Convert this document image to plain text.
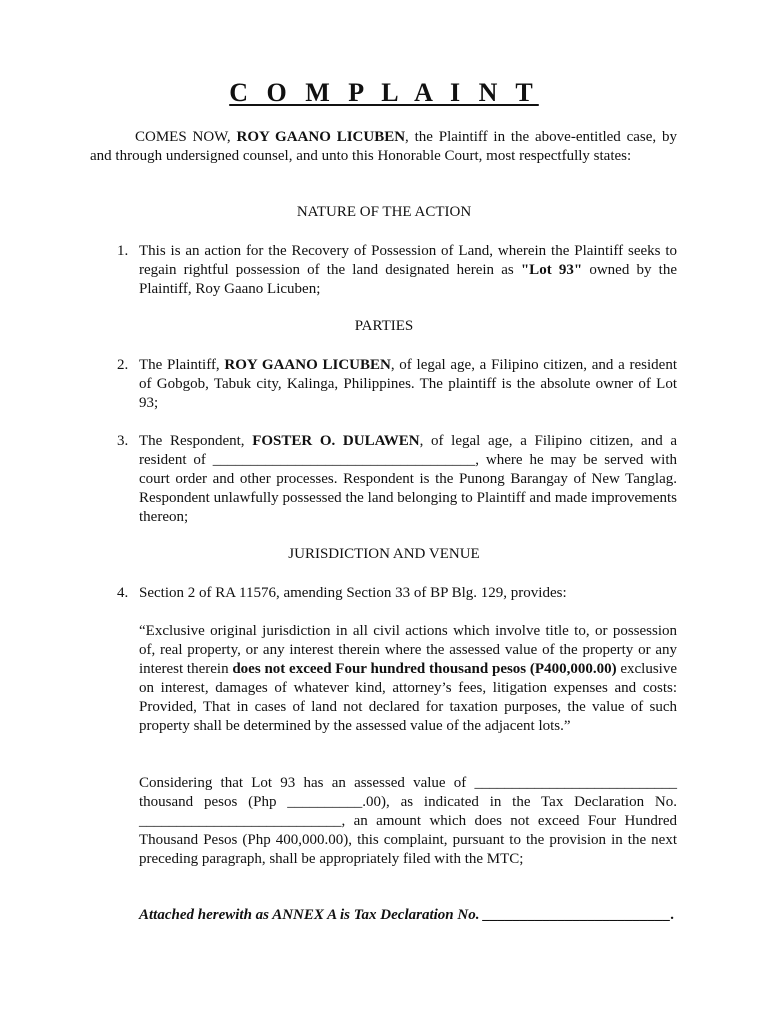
C O M P L A I N T

COMES NOW, ROY GAANO LICUBEN, the Plaintiff in the above-entitled case, by and through undersigned counsel, and unto this Honorable Court, most respectfully states:

NATURE OF THE ACTION
1. This is an action for the Recovery of Possession of Land, wherein the Plaintiff seeks to regain rightful possession of the land designated herein as "Lot 93" owned by the Plaintiff, Roy Gaano Licuben;

PARTIES
2. The Plaintiff, ROY GAANO LICUBEN, of legal age, a Filipino citizen, and a resident of Gobgob, Tabuk city, Kalinga, Philippines. The plaintiff is the absolute owner of Lot 93;

3. The Respondent, FOSTER O. DULAWEN, of legal age, a Filipino citizen, and a resident of ___________________________________, where he may be served with court order and other processes. Respondent is the Punong Barangay of New Tanglag. Respondent unlawfully possessed the land belonging to Plaintiff and made improvements thereon;

JURISDICTION AND VENUE
4. Section 2 of RA 11576, amending Section 33 of BP Blg. 129, provides:

“Exclusive original jurisdiction in all civil actions which involve title to, or possession of, real property, or any interest therein where the assessed value of the property or any interest therein does not exceed Four hundred thousand pesos (P400,000.00) exclusive on interest, damages of whatever kind, attorney’s fees, litigation expenses and costs: Provided, That in cases of land not declared for taxation purposes, the value of such property shall be determined by the assessed value of the adjacent lots.”

Considering that Lot 93 has an assessed value of ___________________________ thousand pesos (Php __________.00), as indicated in the Tax Declaration No. ___________________________, an amount which does not exceed Four Hundred Thousand Pesos (Php 400,000.00), this complaint, pursuant to the provision in the next preceding paragraph, shall be appropriately filed with the MTC;

Attached herewith as ANNEX A is Tax Declaration No. _________________________.
